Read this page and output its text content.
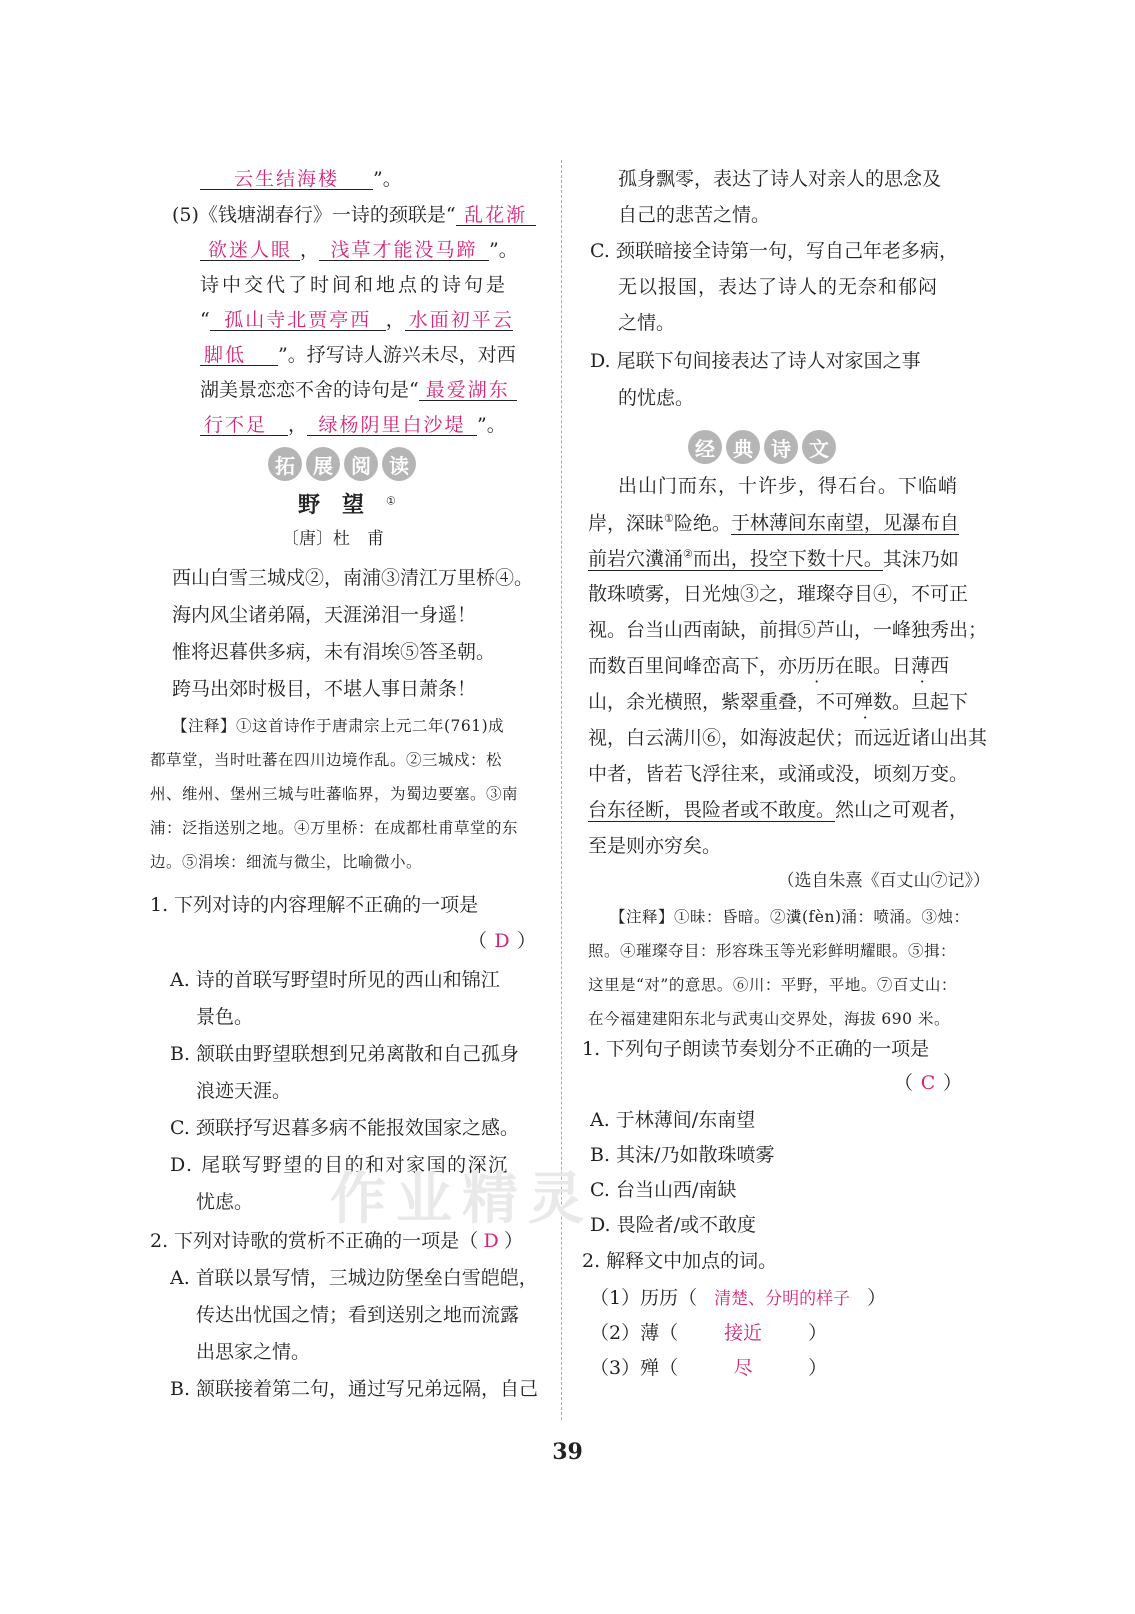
云生结海楼 ”。
(5)《钱塘湖春行》一诗的颈联是“ 乱花渐
欲迷人眼 ， 浅草才能没马蹄 ”。
诗中交代了时间和地点的诗句是
“ 孤山寺北贾亭西 ， 水面初平云
脚低 ”。抒写诗人游兴未尽，对西
湖美景恋恋不舍的诗句是“ 最爱湖东
行不足 ， 绿杨阴里白沙堤 ”。
拓 展 阅 读
野望①
〔唐〕杜　甫
西山白雪三城戍②，南浦③清江万里桥④。
海内风尘诸弟隔，天涯涕泪一身遥！
惟将迟暮供多病，未有涓埃⑤答圣朝。
跨马出郊时极目，不堪人事日萧条！
【注释】①这首诗作于唐肃宗上元二年(761)成
都草堂，当时吐蕃在四川边境作乱。②三城戍：松
州、维州、堡州三城与吐蕃临界，为蜀边要塞。③南
浦：泛指送别之地。④万里桥：在成都杜甫草堂的东
边。⑤涓埃：细流与微尘，比喻微小。
1. 下列对诗的内容理解不正确的一项是
（ D ）
A. 诗的首联写野望时所见的西山和锦江
景色。
B. 颔联由野望联想到兄弟离散和自己孤身
浪迹天涯。
C. 颈联抒写迟暮多病不能报效国家之感。
D. 尾联写野望的目的和对家国的深沉
忧虑。
2. 下列对诗歌的赏析不正确的一项是（ D ）
A. 首联以景写情，三城边防堡垒白雪皑皑，
传达出忧国之情；看到送别之地而流露
出思家之情。
B. 颔联接着第二句，通过写兄弟远隔，自己
孤身飘零，表达了诗人对亲人的思念及
自己的悲苦之情。
C. 颈联暗接全诗第一句，写自己年老多病，
无以报国，表达了诗人的无奈和郁闷
之情。
D. 尾联下句间接表达了诗人对家国之事
的忧虑。
经 典 诗 文
出山门而东，十许步，得石台。下临峭
岸，深昧①险绝。于林薄间东南望，见瀑布自
前岩穴瀵涌②而出，投空下数十尺。其沫乃如
散珠喷雾，日光烛③之，璀璨夺目④，不可正
视。台当山西南缺，前揖⑤芦山，一峰独秀出；
而数百里间峰峦高下，亦历历在眼。日薄西
山，余光横照，紫翠重叠，不可殚数。旦起下
视，白云满川⑥，如海波起伏；而远近诸山出其
中者，皆若飞浮往来，或涌或没，顷刻万变。
台东径断，畏险者或不敢度。然山之可观者，
至是则亦穷矣。
（选自朱熹《百丈山⑦记》）
【注释】①昧：昏暗。②瀵(fèn)涌：喷涌。③烛：
照。④璀璨夺目：形容珠玉等光彩鲜明耀眼。⑤揖：
这里是“对”的意思。⑥川：平野，平地。⑦百丈山：
在今福建建阳东北与武夷山交界处，海拔 690 米。
1. 下列句子朗读节奏划分不正确的一项是
（ C ）
A. 于林薄间/东南望
B. 其沫/乃如散珠喷雾
C. 台当山西/南缺
D. 畏险者/或不敢度
2. 解释文中加点的词。
（1）历历（ 清楚、分明的样子 ）
（2）薄（ 接近 ）
（3）殚（	尽	）
作业精灵
39
